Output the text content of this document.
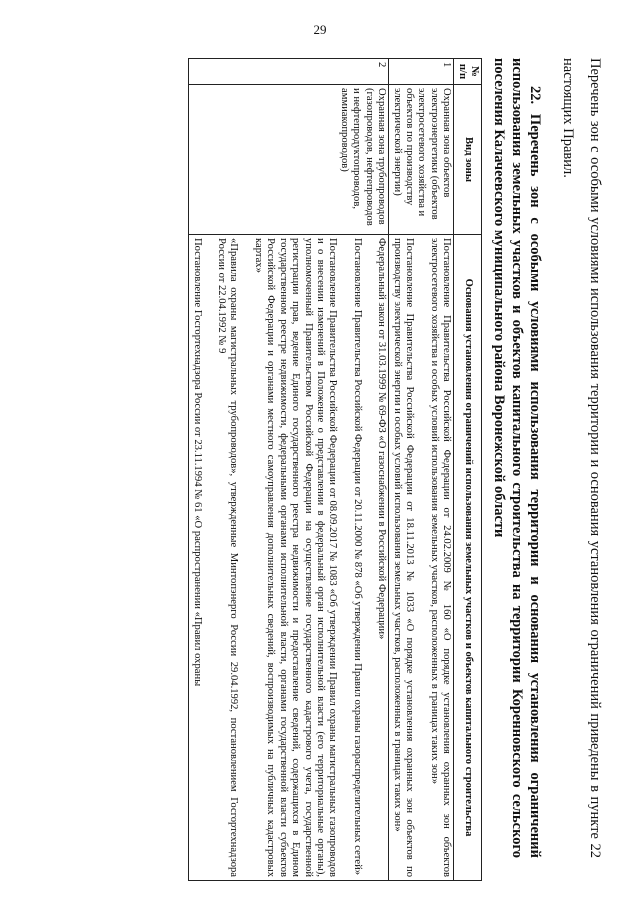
29
Перечень зон с особыми условиями использования территории и основания установления ограничений приведены в пункте 22 настоящих Правил.
22. Перечень зон с особыми условиями использования территории и основания установления ограничений использования земельных участков и объектов капитального строительства на территории Кореннoвского сельского поселения Калачеевского муниципального района Воронежской области
№ п/п	Вид зоны	Основания установления ограничений использования земельных участков и объектов капитального строительства
1	Охранная зона объектов электроэнергетики (объектов электросетевого хозяйства и объектов по производству электрической энергии)	Постановление Правительства Российской Федерации от 24.02.2009 № 160 «О порядке установления охранных зон объектов электросетевого хозяйства и особых условий использования земельных участков, расположенных в границах таких зон»

Постановление Правительства Российской Федерации от 18.11.2013 № 1033 «О порядке установления охранных зон объектов по производству электрической энергии и особых условий использования земельных участков, расположенных в границах таких зон»

2	Охранная зона трубопроводов (газопроводов, нефтепроводов и нефтепродуктопроводов, аммиакопроводов)	Федеральный закон от 31.03.1999 № 69-ФЗ «О газоснабжении в Российской Федерации»

Постановление Правительства Российской Федерации от 20.11.2000 № 878 «Об утверждении Правил охраны газораспределительных сетей»

Постановление Правительства Российской Федерации от 08.09.2017 № 1083 «Об утверждении Правил охраны магистральных газопроводов и о внесении изменений в Положение о представлении в федеральный орган исполнительной власти (его территориальные органы), уполномоченный Правительством Российской Федерации на осуществление государственного кадастрового учета, государственной регистрации прав, ведение Единого государственного реестра недвижимости и предоставление сведений, содержащихся в Едином государственном реестре недвижимости, федеральными органами исполнительной власти, органами государственной власти субъектов Российской Федерации и органами местного самоуправления дополнительных сведений, воспроизводимых на публичных кадастровых картах»

«Правила охраны магистральных трубопроводов», утвержденные Минтопэнерго России 29.04.1992, постановлением Госгортехнадзора России от 22.04.1992 № 9

Постановление Госгортехнадзора России от 23.11.1994 № 61 «О распространении «Правил охраны
